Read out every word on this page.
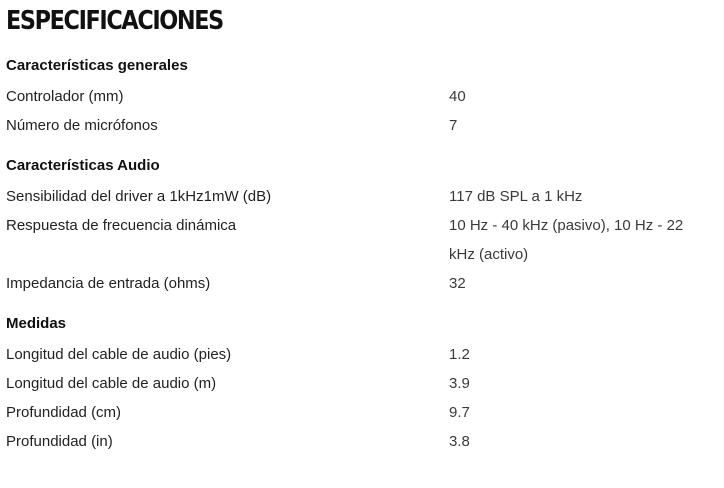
ESPECIFICACIONES
Características generales
Controlador (mm)	40
Número de micrófonos	7
Características Audio
Sensibilidad del driver a 1kHz1mW (dB)	117 dB SPL a 1 kHz
Respuesta de frecuencia dinámica	10 Hz - 40 kHz (pasivo), 10 Hz - 22 kHz (activo)
Impedancia de entrada (ohms)	32
Medidas
Longitud del cable de audio (pies)	1.2
Longitud del cable de audio (m)	3.9
Profundidad (cm)	9.7
Profundidad (in)	3.8
